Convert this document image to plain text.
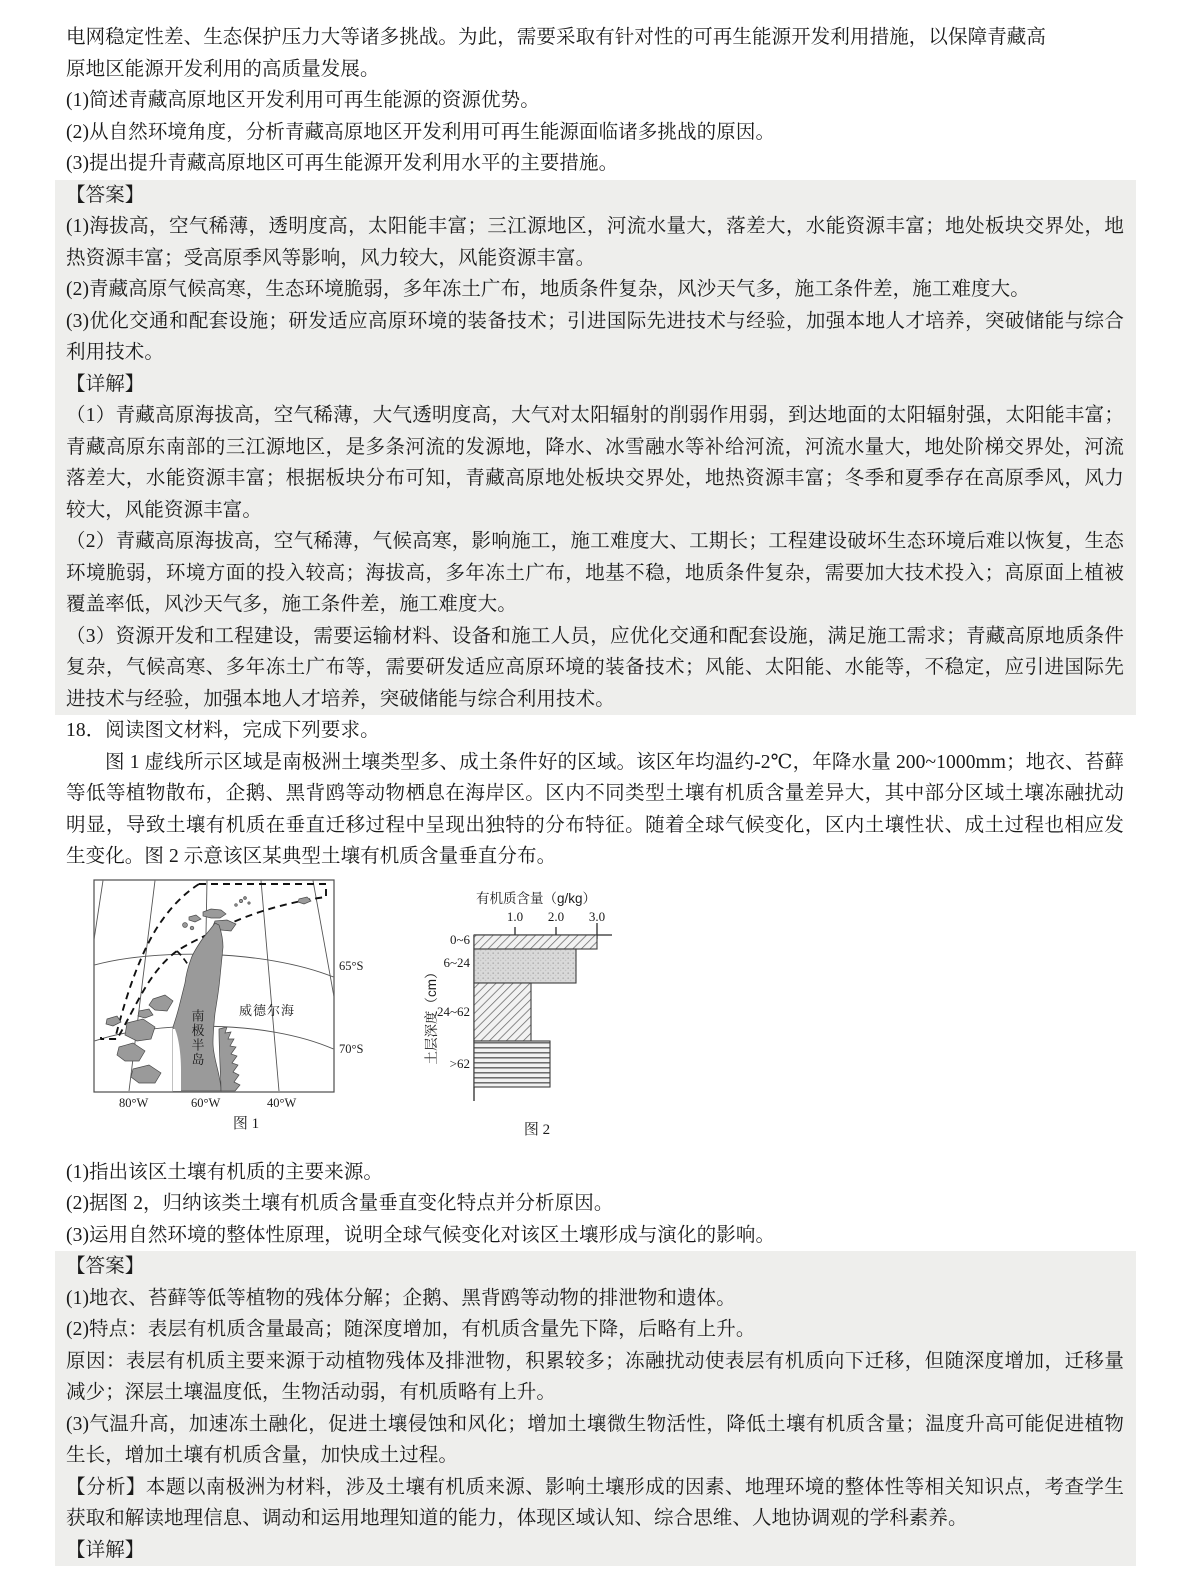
电网稳定性差、生态保护压力大等诸多挑战。为此，需要采取有针对性的可再生能源开发利用措施，以保障青藏高

原地区能源开发利用的高质量发展。

(1)简述青藏高原地区开发利用可再生能源的资源优势。

(2)从自然环境角度，分析青藏高原地区开发利用可再生能源面临诸多挑战的原因。

(3)提出提升青藏高原地区可再生能源开发利用水平的主要措施。

【答案】

(1)海拔高，空气稀薄，透明度高，太阳能丰富；三江源地区，河流水量大，落差大，水能资源丰富；地处板块交界处，地热资源丰富；受高原季风等影响，风力较大，风能资源丰富。

(2)青藏高原气候高寒，生态环境脆弱，多年冻土广布，地质条件复杂，风沙天气多，施工条件差，施工难度大。

(3)优化交通和配套设施；研发适应高原环境的装备技术；引进国际先进技术与经验，加强本地人才培养，突破储能与综合利用技术。

【详解】

（1）青藏高原海拔高，空气稀薄，大气透明度高，大气对太阳辐射的削弱作用弱，到达地面的太阳辐射强，太阳能丰富；青藏高原东南部的三江源地区，是多条河流的发源地，降水、冰雪融水等补给河流，河流水量大，地处阶梯交界处，河流落差大，水能资源丰富；根据板块分布可知，青藏高原地处板块交界处，地热资源丰富；冬季和夏季存在高原季风，风力较大，风能资源丰富。

（2）青藏高原海拔高，空气稀薄，气候高寒，影响施工，施工难度大、工期长；工程建设破坏生态环境后难以恢复，生态环境脆弱，环境方面的投入较高；海拔高，多年冻土广布，地基不稳，地质条件复杂，需要加大技术投入；高原面上植被覆盖率低，风沙天气多，施工条件差，施工难度大。

（3）资源开发和工程建设，需要运输材料、设备和施工人员，应优化交通和配套设施，满足施工需求；青藏高原地质条件复杂，气候高寒、多年冻土广布等，需要研发适应高原环境的装备技术；风能、太阳能、水能等，不稳定，应引进国际先进技术与经验，加强本地人才培养，突破储能与综合利用技术。

18．阅读图文材料，完成下列要求。

图 1 虚线所示区域是南极洲土壤类型多、成土条件好的区域。该区年均温约-2℃，年降水量 200~1000mm；地衣、苔藓等低等植物散布，企鹅、黑背鸥等动物栖息在海岸区。区内不同类型土壤有机质含量差异大，其中部分区域土壤冻融扰动明显，导致土壤有机质在垂直迁移过程中呈现出独特的分布特征。随着全球气候变化，区内土壤性状、成土过程也相应发生变化。图 2 示意该区某典型土壤有机质含量垂直分布。

65°S
70°S
80°W	60°W	40°W
威德尔海
南极半岛
图 1
有机质含量（g/kg）
1.0 2.0 3.0
0~6
6~24
24~62
>62
土层深度（cm）
图 2

(1)指出该区土壤有机质的主要来源。

(2)据图 2，归纳该类土壤有机质含量垂直变化特点并分析原因。

(3)运用自然环境的整体性原理，说明全球气候变化对该区土壤形成与演化的影响。

【答案】

(1)地衣、苔藓等低等植物的残体分解；企鹅、黑背鸥等动物的排泄物和遗体。

(2)特点：表层有机质含量最高；随深度增加，有机质含量先下降，后略有上升。

原因：表层有机质主要来源于动植物残体及排泄物，积累较多；冻融扰动使表层有机质向下迁移，但随深度增加，迁移量减少；深层土壤温度低，生物活动弱，有机质略有上升。

(3)气温升高，加速冻土融化，促进土壤侵蚀和风化；增加土壤微生物活性，降低土壤有机质含量；温度升高可能促进植物生长，增加土壤有机质含量，加快成土过程。

【分析】本题以南极洲为材料，涉及土壤有机质来源、影响土壤形成的因素、地理环境的整体性等相关知识点，考查学生获取和解读地理信息、调动和运用地理知道的能力，体现区域认知、综合思维、人地协调观的学科素养。

【详解】
